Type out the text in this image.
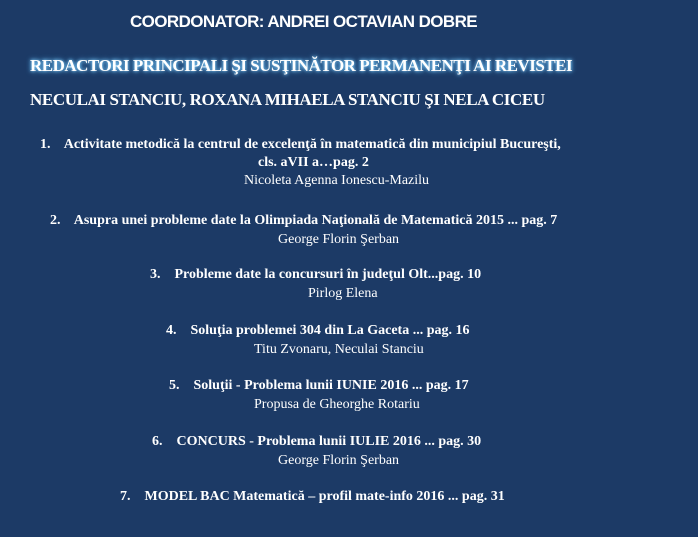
COORDONATOR: ANDREI OCTAVIAN DOBRE
REDACTORI PRINCIPALI ŞI SUSŢINĂTOR PERMANENŢI AI REVISTEI
NECULAI STANCIU, ROXANA MIHAELA STANCIU ŞI NELA CICEU
1. Activitate metodică la centrul de excelenţă în matematică din municipiul Bucureşti,
cls. aVII a…pag. 2
Nicoleta Agenna Ionescu-Mazilu
2. Asupra unei probleme date la Olimpiada Naţională de Matematică 2015 ... pag. 7
George Florin Şerban
3. Probleme date la concursuri în judeţul Olt...pag. 10
Pirlog Elena
4. Soluţia problemei 304 din La Gaceta ... pag. 16
Titu Zvonaru, Neculai Stanciu
5. Soluţii - Problema lunii IUNIE 2016 ... pag. 17
Propusa de Gheorghe Rotariu
6. CONCURS - Problema lunii IULIE 2016 ... pag. 30
George Florin Şerban
7. MODEL BAC Matematică – profil mate-info 2016 ... pag. 31
